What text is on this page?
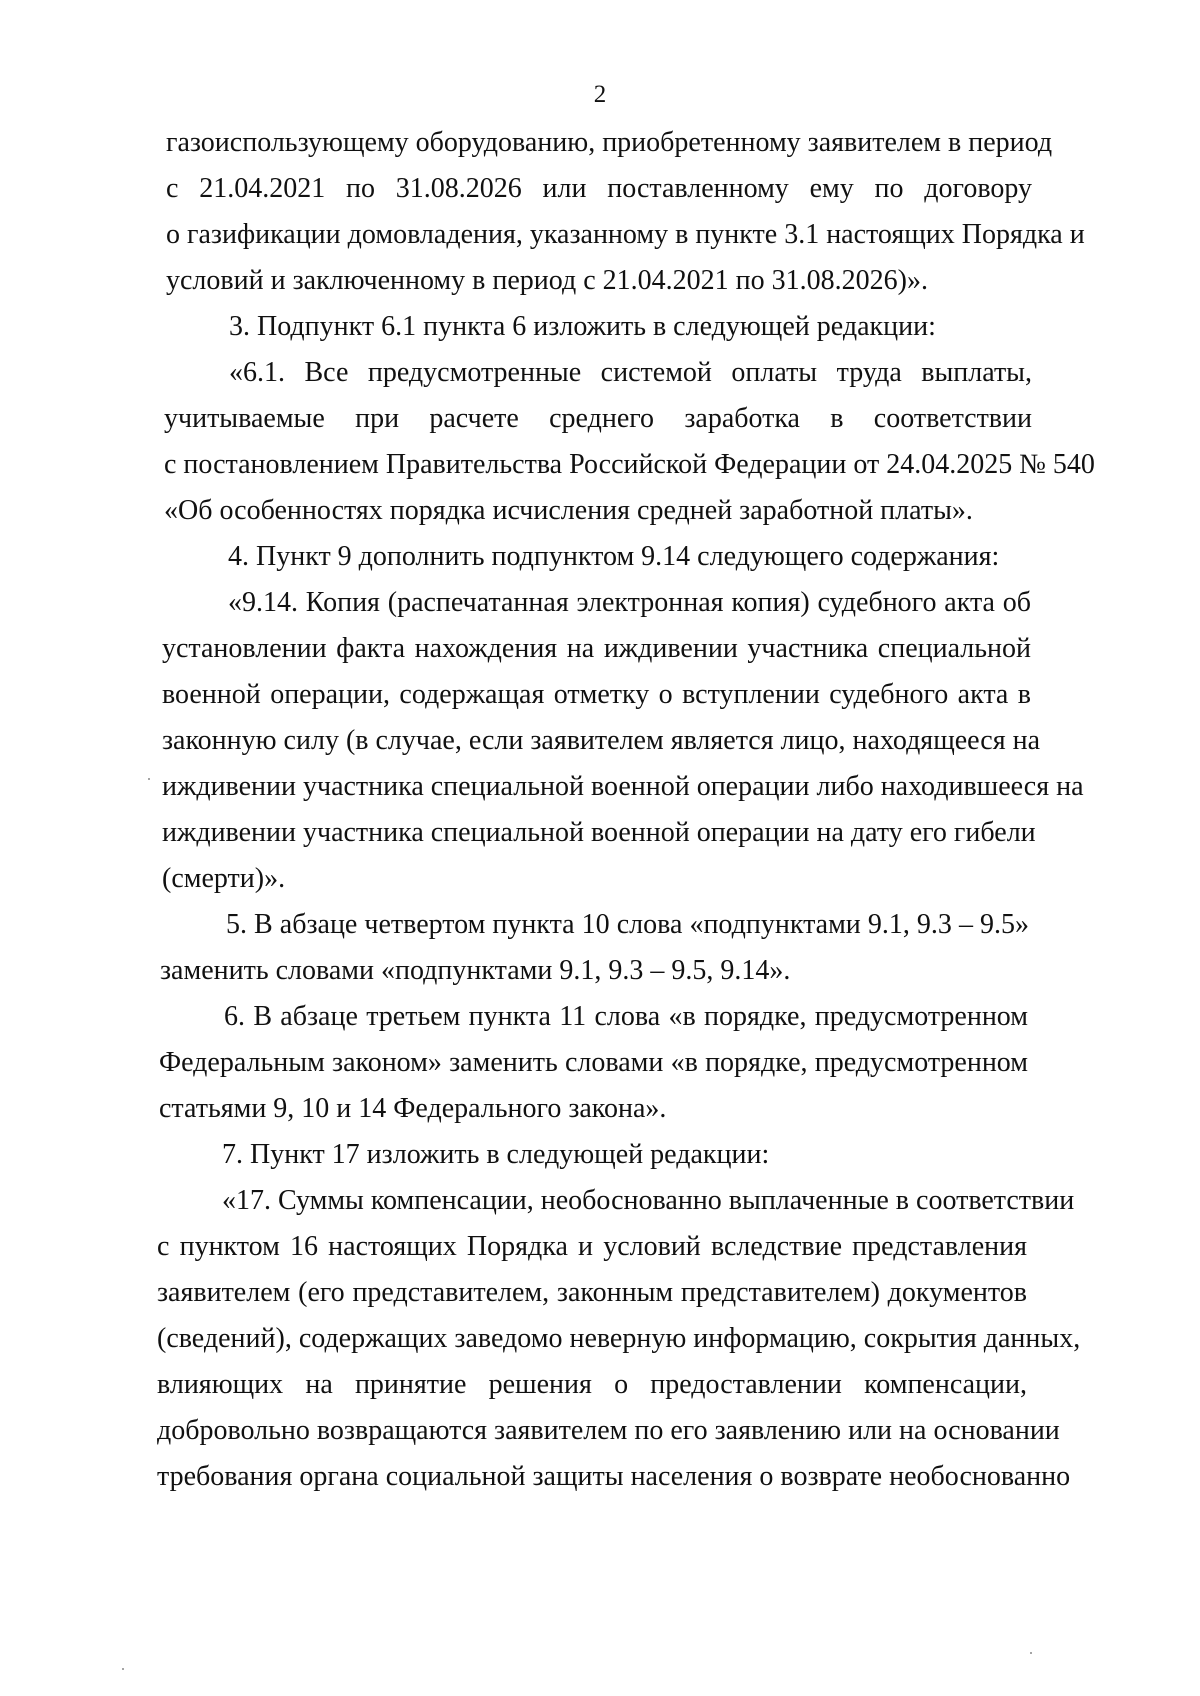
2
газоиспользующему оборудованию, приобретенному заявителем в период
с 21.04.2021 по 31.08.2026 или поставленному ему по договору
о газификации домовладения, указанному в пункте 3.1 настоящих Порядка и
условий и заключенному в период с 21.04.2021 по 31.08.2026)».
3. Подпункт 6.1 пункта 6 изложить в следующей редакции:
«6.1. Все предусмотренные системой оплаты труда выплаты,
учитываемые при расчете среднего заработка в соответствии
с постановлением Правительства Российской Федерации от 24.04.2025 № 540
«Об особенностях порядка исчисления средней заработной платы».
4. Пункт 9 дополнить подпунктом 9.14 следующего содержания:
«9.14. Копия (распечатанная электронная копия) судебного акта об
установлении факта нахождения на иждивении участника специальной
военной операции, содержащая отметку о вступлении судебного акта в
законную силу (в случае, если заявителем является лицо, находящееся на
иждивении участника специальной военной операции либо находившееся на
иждивении участника специальной военной операции на дату его гибели
(смерти)».
5. В абзаце четвертом пункта 10 слова «подпунктами 9.1, 9.3 – 9.5»
заменить словами «подпунктами 9.1, 9.3 – 9.5, 9.14».
6. В абзаце третьем пункта 11 слова «в порядке, предусмотренном
Федеральным законом» заменить словами «в порядке, предусмотренном
статьями 9, 10 и 14 Федерального закона».
7. Пункт 17 изложить в следующей редакции:
«17. Суммы компенсации, необоснованно выплаченные в соответствии
с пунктом 16 настоящих Порядка и условий вследствие представления
заявителем (его представителем, законным представителем) документов
(сведений), содержащих заведомо неверную информацию, сокрытия данных,
влияющих на принятие решения о предоставлении компенсации,
добровольно возвращаются заявителем по его заявлению или на основании
требования органа социальной защиты населения о возврате необоснованно
